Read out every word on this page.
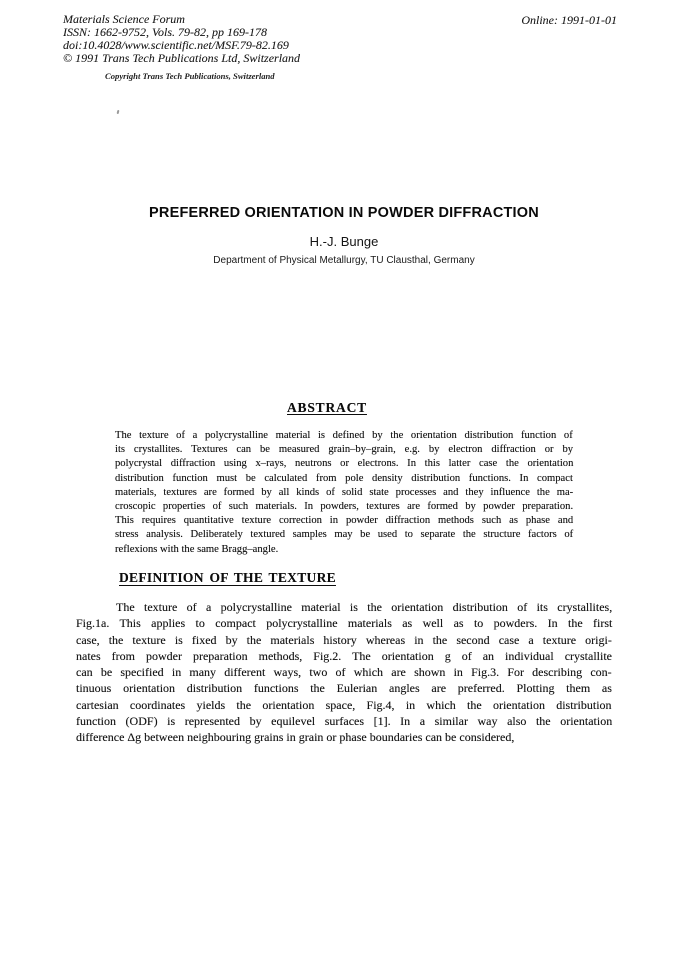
Materials Science Forum
ISSN: 1662-9752, Vols. 79-82, pp 169-178
doi:10.4028/www.scientific.net/MSF.79-82.169
© 1991 Trans Tech Publications Ltd, Switzerland
Online: 1991-01-01
Copyright Trans Tech Publications, Switzerland
PREFERRED ORIENTATION IN POWDER DIFFRACTION
H.-J. Bunge
Department of Physical Metallurgy, TU Clausthal, Germany
ABSTRACT
The texture of a polycrystalline material is defined by the orientation distribution function of
its crystallites. Textures can be measured grain–by–grain, e.g. by electron diffraction or by
polycrystal diffraction using x–rays, neutrons or electrons. In this latter case the orientation
distribution function must be calculated from pole density distribution functions. In compact
materials, textures are formed by all kinds of solid state processes and they influence the ma-
croscopic properties of such materials. In powders, textures are formed by powder preparation.
This requires quantitative texture correction in powder diffraction methods such as phase and
stress analysis. Deliberately textured samples may be used to separate the structure factors of
reflexions with the same Bragg–angle.
DEFINITION OF THE TEXTURE
The texture of a polycrystalline material is the orientation distribution of its crystallites,
Fig.1a. This applies to compact polycrystalline materials as well as to powders. In the first
case, the texture is fixed by the materials history whereas in the second case a texture origi-
nates from powder preparation methods, Fig.2. The orientation g of an individual crystallite
can be specified in many different ways, two of which are shown in Fig.3. For describing con-
tinuous orientation distribution functions the Eulerian angles are preferred. Plotting them as
cartesian coordinates yields the orientation space, Fig.4, in which the orientation distribution
function (ODF) is represented by equilevel surfaces [1]. In a similar way also the orientation
difference Δg between neighbouring grains in grain or phase boundaries can be considered,
